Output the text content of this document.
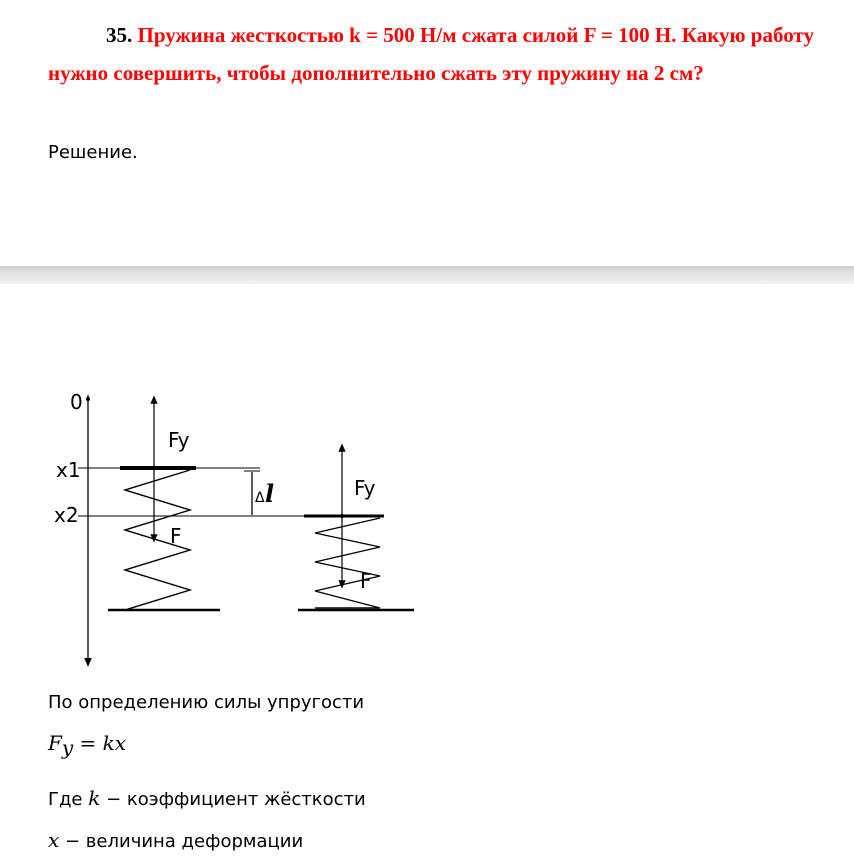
35. Пружина жесткостью k = 500 Н/м сжата силой F = 100 Н. Какую работу нужно совершить, чтобы дополнительно сжать эту пружину на 2 см?

Решение.

0
x1
x2
Δ l
Fy
F
Fy
F

По определению силы упругости

$F_y$ = kx

Где k − коэффициент жёсткости

x − величина деформации
